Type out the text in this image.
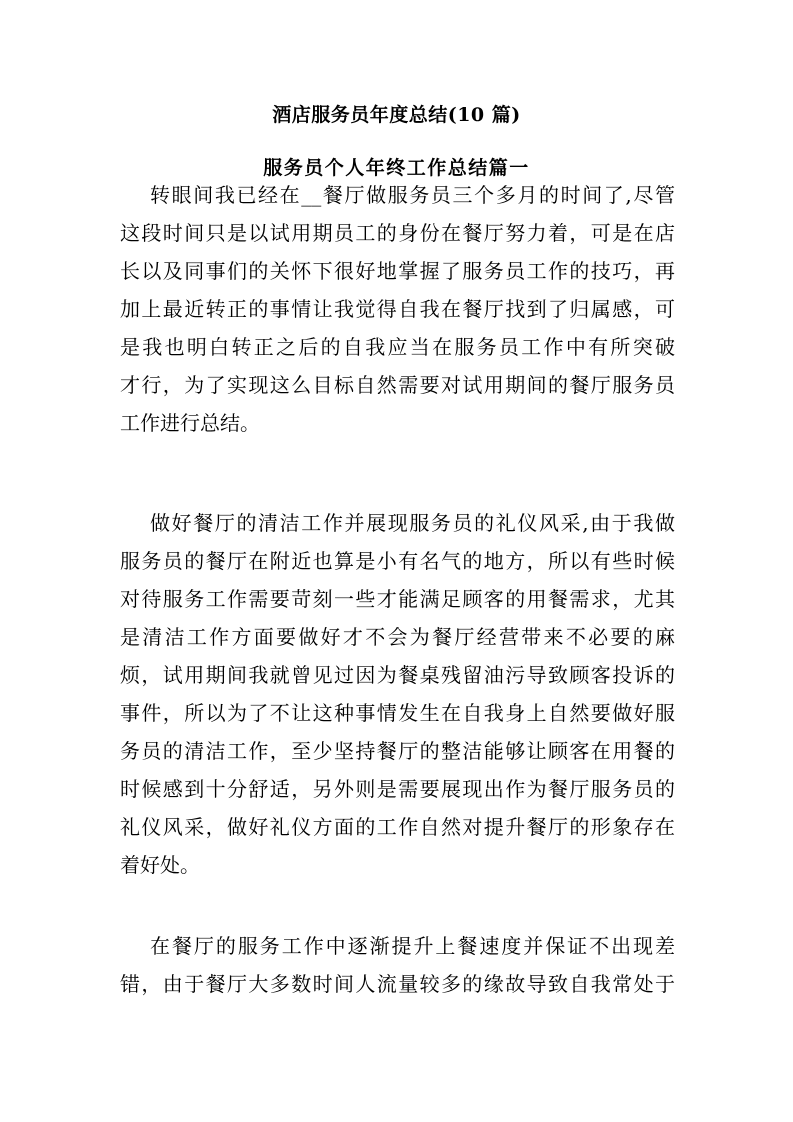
酒店服务员年度总结(10 篇)
服务员个人年终工作总结篇一
转眼间我已经在__餐厅做服务员三个多月的时间了,尽管
这段时间只是以试用期员工的身份在餐厅努力着，可是在店
长以及同事们的关怀下很好地掌握了服务员工作的技巧，再
加上最近转正的事情让我觉得自我在餐厅找到了归属感，可
是我也明白转正之后的自我应当在服务员工作中有所突破
才行，为了实现这么目标自然需要对试用期间的餐厅服务员
工作进行总结。
做好餐厅的清洁工作并展现服务员的礼仪风采,由于我做
服务员的餐厅在附近也算是小有名气的地方，所以有些时候
对待服务工作需要苛刻一些才能满足顾客的用餐需求，尤其
是清洁工作方面要做好才不会为餐厅经营带来不必要的麻
烦，试用期间我就曾见过因为餐桌残留油污导致顾客投诉的
事件，所以为了不让这种事情发生在自我身上自然要做好服
务员的清洁工作，至少坚持餐厅的整洁能够让顾客在用餐的
时候感到十分舒适，另外则是需要展现出作为餐厅服务员的
礼仪风采，做好礼仪方面的工作自然对提升餐厅的形象存在
着好处。
在餐厅的服务工作中逐渐提升上餐速度并保证不出现差
错，由于餐厅大多数时间人流量较多的缘故导致自我常处于
